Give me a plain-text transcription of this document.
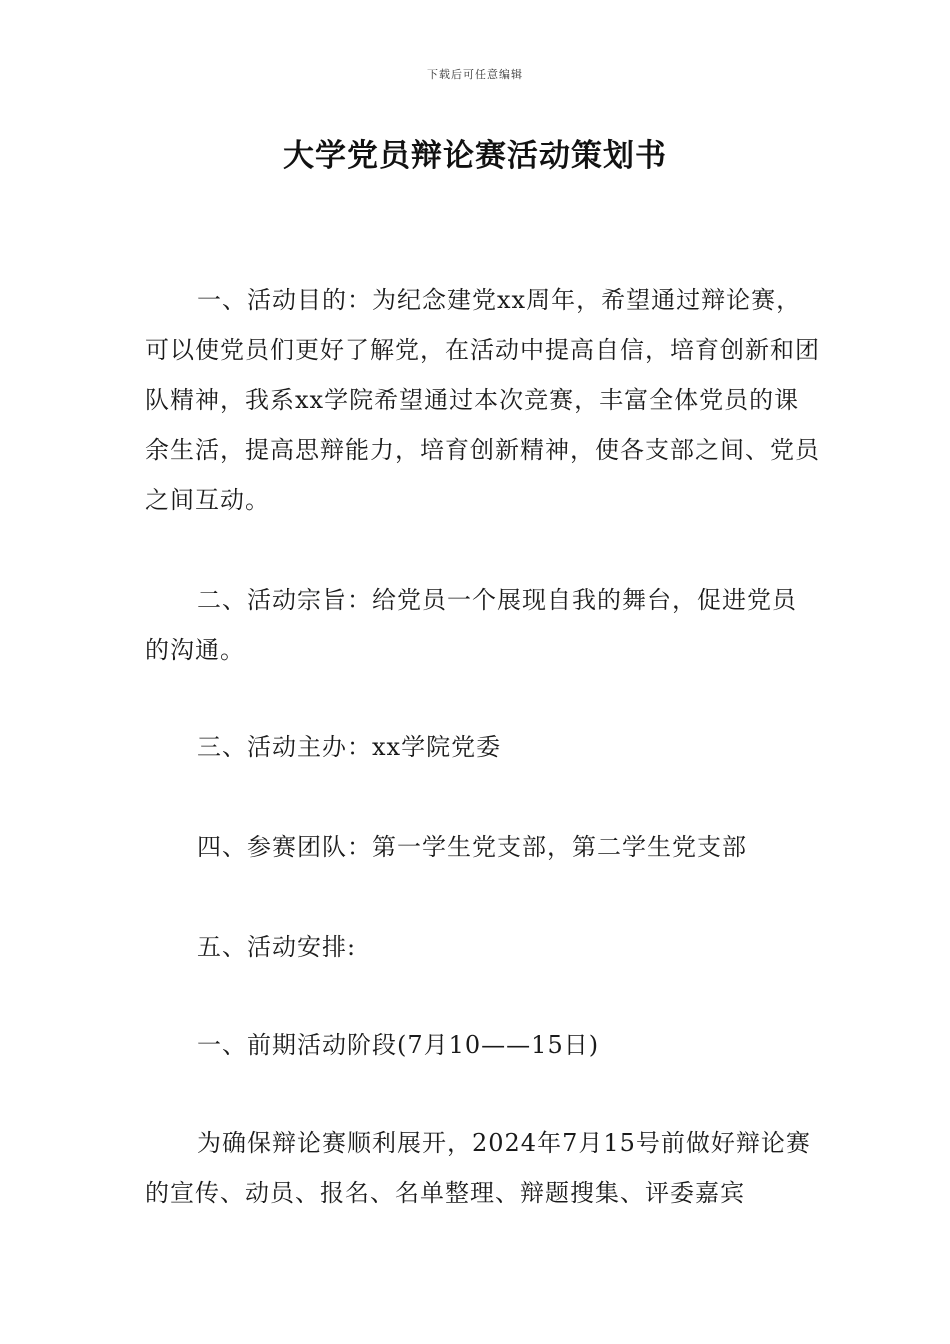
下载后可任意编辑
大学党员辩论赛活动策划书

一、活动目的：为纪念建党xx周年，希望通过辩论赛，可以使党员们更好了解党，在活动中提高自信，培育创新和团队精神，我系xx学院希望通过本次竞赛，丰富全体党员的课余生活，提高思辩能力，培育创新精神，使各支部之间、党员之间互动。

二、活动宗旨：给党员一个展现自我的舞台，促进党员的沟通。

三、活动主办：xx学院党委

四、参赛团队：第一学生党支部，第二学生党支部

五、活动安排:

一、前期活动阶段(7月10——15日)

为确保辩论赛顺利展开，2024年7月15号前做好辩论赛的宣传、动员、报名、名单整理、辩题搜集、评委嘉宾
